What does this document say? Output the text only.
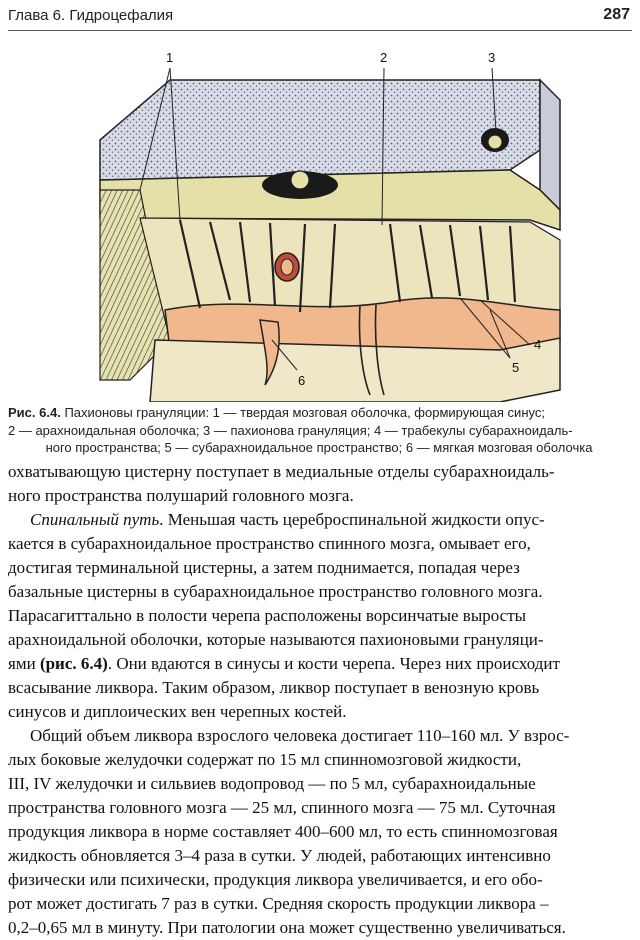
Глава 6. Гидроцефалия	287
1	2	3
4
5
6
Рис. 6.4. Пахионовы грануляции: 1 — твердая мозговая оболочка, формирующая синус;
2 — арахноидальная оболочка; 3 — пахионова грануляция; 4 — трабекулы субарахноидаль-
ного пространства; 5 — субарахноидальное пространство; 6 — мягкая мозговая оболочка

охватывающую цистерну поступает в медиальные отделы субарахноидаль-

ного пространства полушарий головного мозга.

Спинальный путь. Меньшая часть цереброспинальной жидкости опус-

кается в субарахноидальное пространство спинного мозга, омывает его,

достигая терминальной цистерны, а затем поднимается, попадая через

базальные цистерны в субарахноидальное пространство головного мозга.

Парасагиттально в полости черепа расположены ворсинчатые выросты

арахноидальной оболочки, которые называются пахионовыми грануляци-

ями (рис. 6.4). Они вдаются в синусы и кости черепа. Через них происходит

всасывание ликвора. Таким образом, ликвор поступает в венозную кровь

синусов и диплоических вен черепных костей.

Общий объем ликвора взрослого человека достигает 110–160 мл. У взрос-

лых боковые желудочки содержат по 15 мл спинномозговой жидкости,

III, IV желудочки и сильвиев водопровод — по 5 мл, субарахноидальные

пространства головного мозга — 25 мл, спинного мозга — 75 мл. Суточная

продукция ликвора в норме составляет 400–600 мл, то есть спинномозговая

жидкость обновляется 3–4 раза в сутки. У людей, работающих интенсивно

физически или психически, продукция ликвора увеличивается, и его обо-

рот может достигать 7 раз в сутки. Средняя скорость продукции ликвора –

0,2–0,65 мл в минуту. При патологии она может существенно увеличиваться.
